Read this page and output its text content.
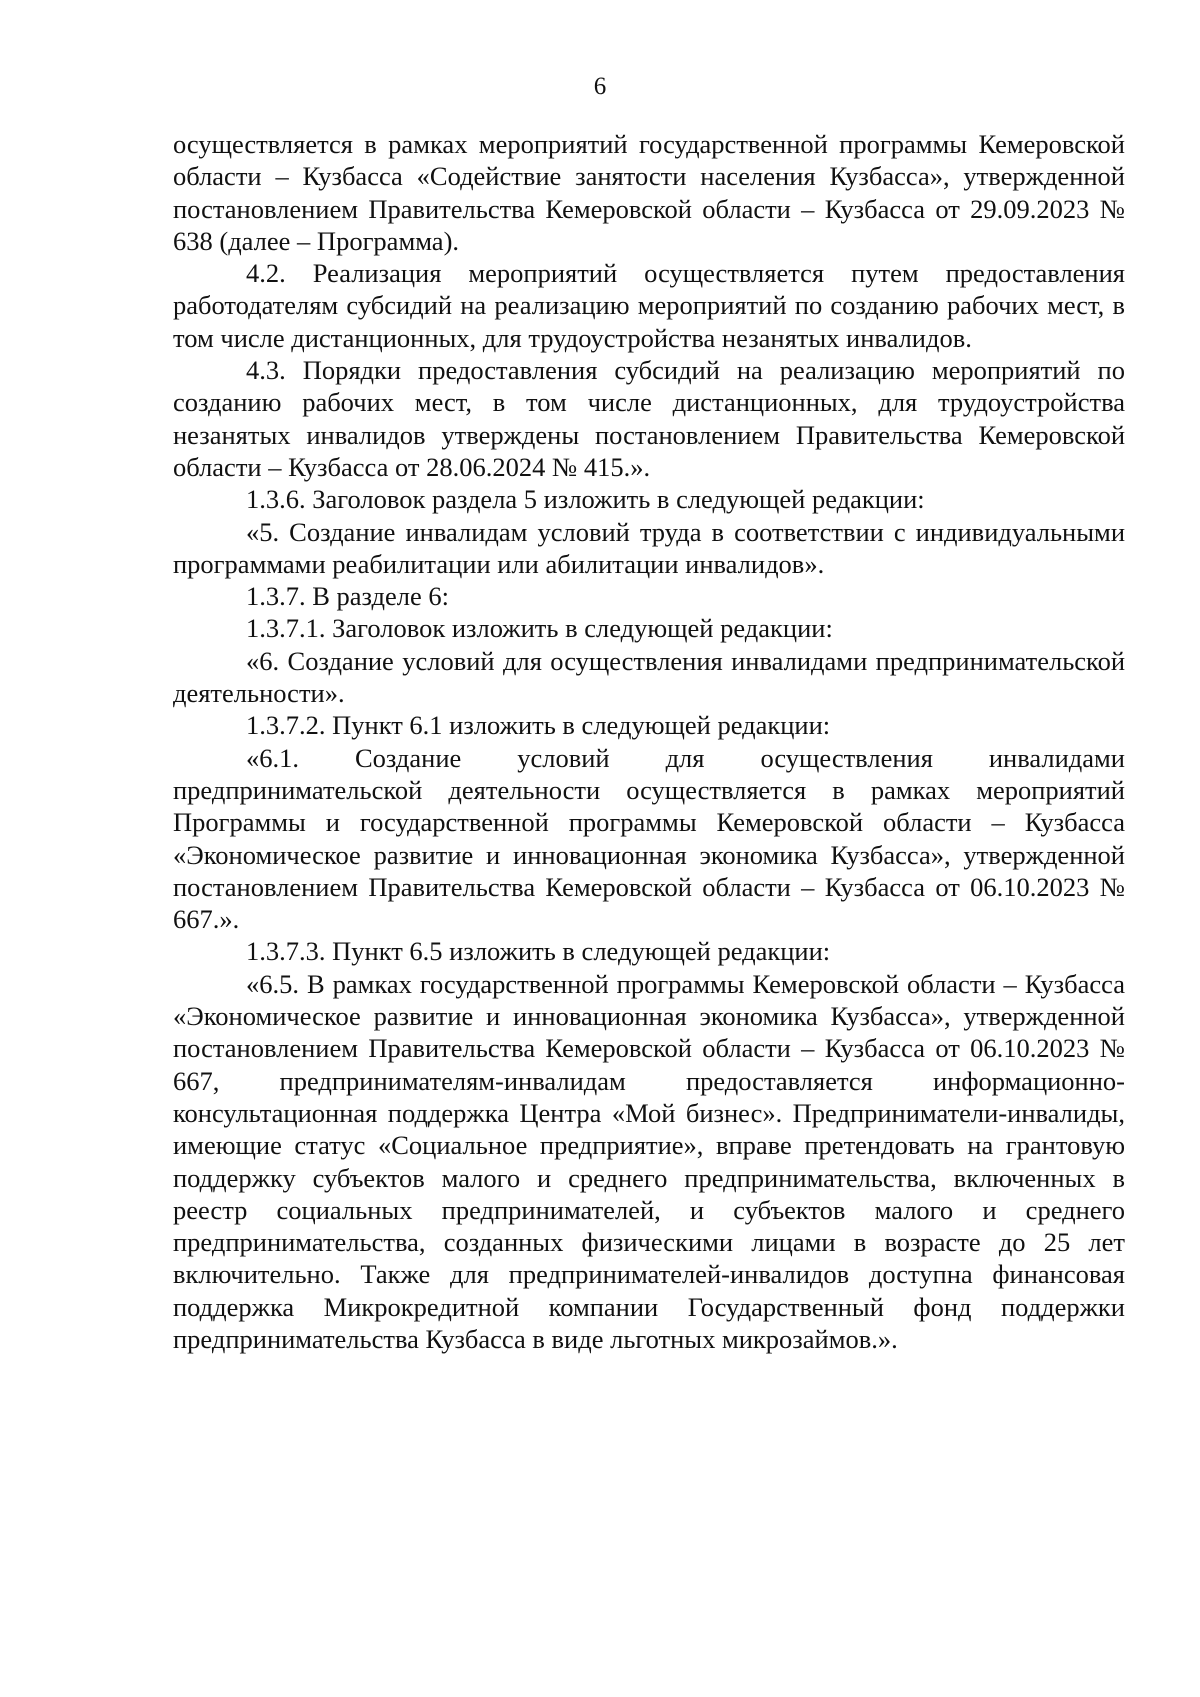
6

осуществляется в рамках мероприятий государственной программы Кемеровской области – Кузбасса «Содействие занятости населения Кузбасса», утвержденной постановлением Правительства Кемеровской области – Кузбасса от 29.09.2023 № 638 (далее – Программа).

4.2. Реализация мероприятий осуществляется путем предоставления работодателям субсидий на реализацию мероприятий по созданию рабочих мест, в том числе дистанционных, для трудоустройства незанятых инвалидов.

4.3. Порядки предоставления субсидий на реализацию мероприятий по созданию рабочих мест, в том числе дистанционных, для трудоустройства незанятых инвалидов утверждены постановлением Правительства Кемеровской области – Кузбасса от 28.06.2024 № 415.».

1.3.6. Заголовок раздела 5 изложить в следующей редакции:

«5. Создание инвалидам условий труда в соответствии с индивидуальными программами реабилитации или абилитации инвалидов».

1.3.7. В разделе 6:

1.3.7.1. Заголовок изложить в следующей редакции:

«6. Создание условий для осуществления инвалидами предпринимательской деятельности».

1.3.7.2. Пункт 6.1 изложить в следующей редакции:

«6.1. Создание условий для осуществления инвалидами предпринимательской деятельности осуществляется в рамках мероприятий Программы и государственной программы Кемеровской области – Кузбасса «Экономическое развитие и инновационная экономика Кузбасса», утвержденной постановлением Правительства Кемеровской области – Кузбасса от 06.10.2023 № 667.».

1.3.7.3. Пункт 6.5 изложить в следующей редакции:

«6.5. В рамках государственной программы Кемеровской области – Кузбасса «Экономическое развитие и инновационная экономика Кузбасса», утвержденной постановлением Правительства Кемеровской области – Кузбасса от 06.10.2023 № 667, предпринимателям-инвалидам предоставляется информационно-консультационная поддержка Центра «Мой бизнес». Предприниматели-инвалиды, имеющие статус «Социальное предприятие», вправе претендовать на грантовую поддержку субъектов малого и среднего предпринимательства, включенных в реестр социальных предпринимателей, и субъектов малого и среднего предпринимательства, созданных физическими лицами в возрасте до 25 лет включительно. Также для предпринимателей-инвалидов доступна финансовая поддержка Микрокредитной компании Государственный фонд поддержки предпринимательства Кузбасса в виде льготных микрозаймов.».
